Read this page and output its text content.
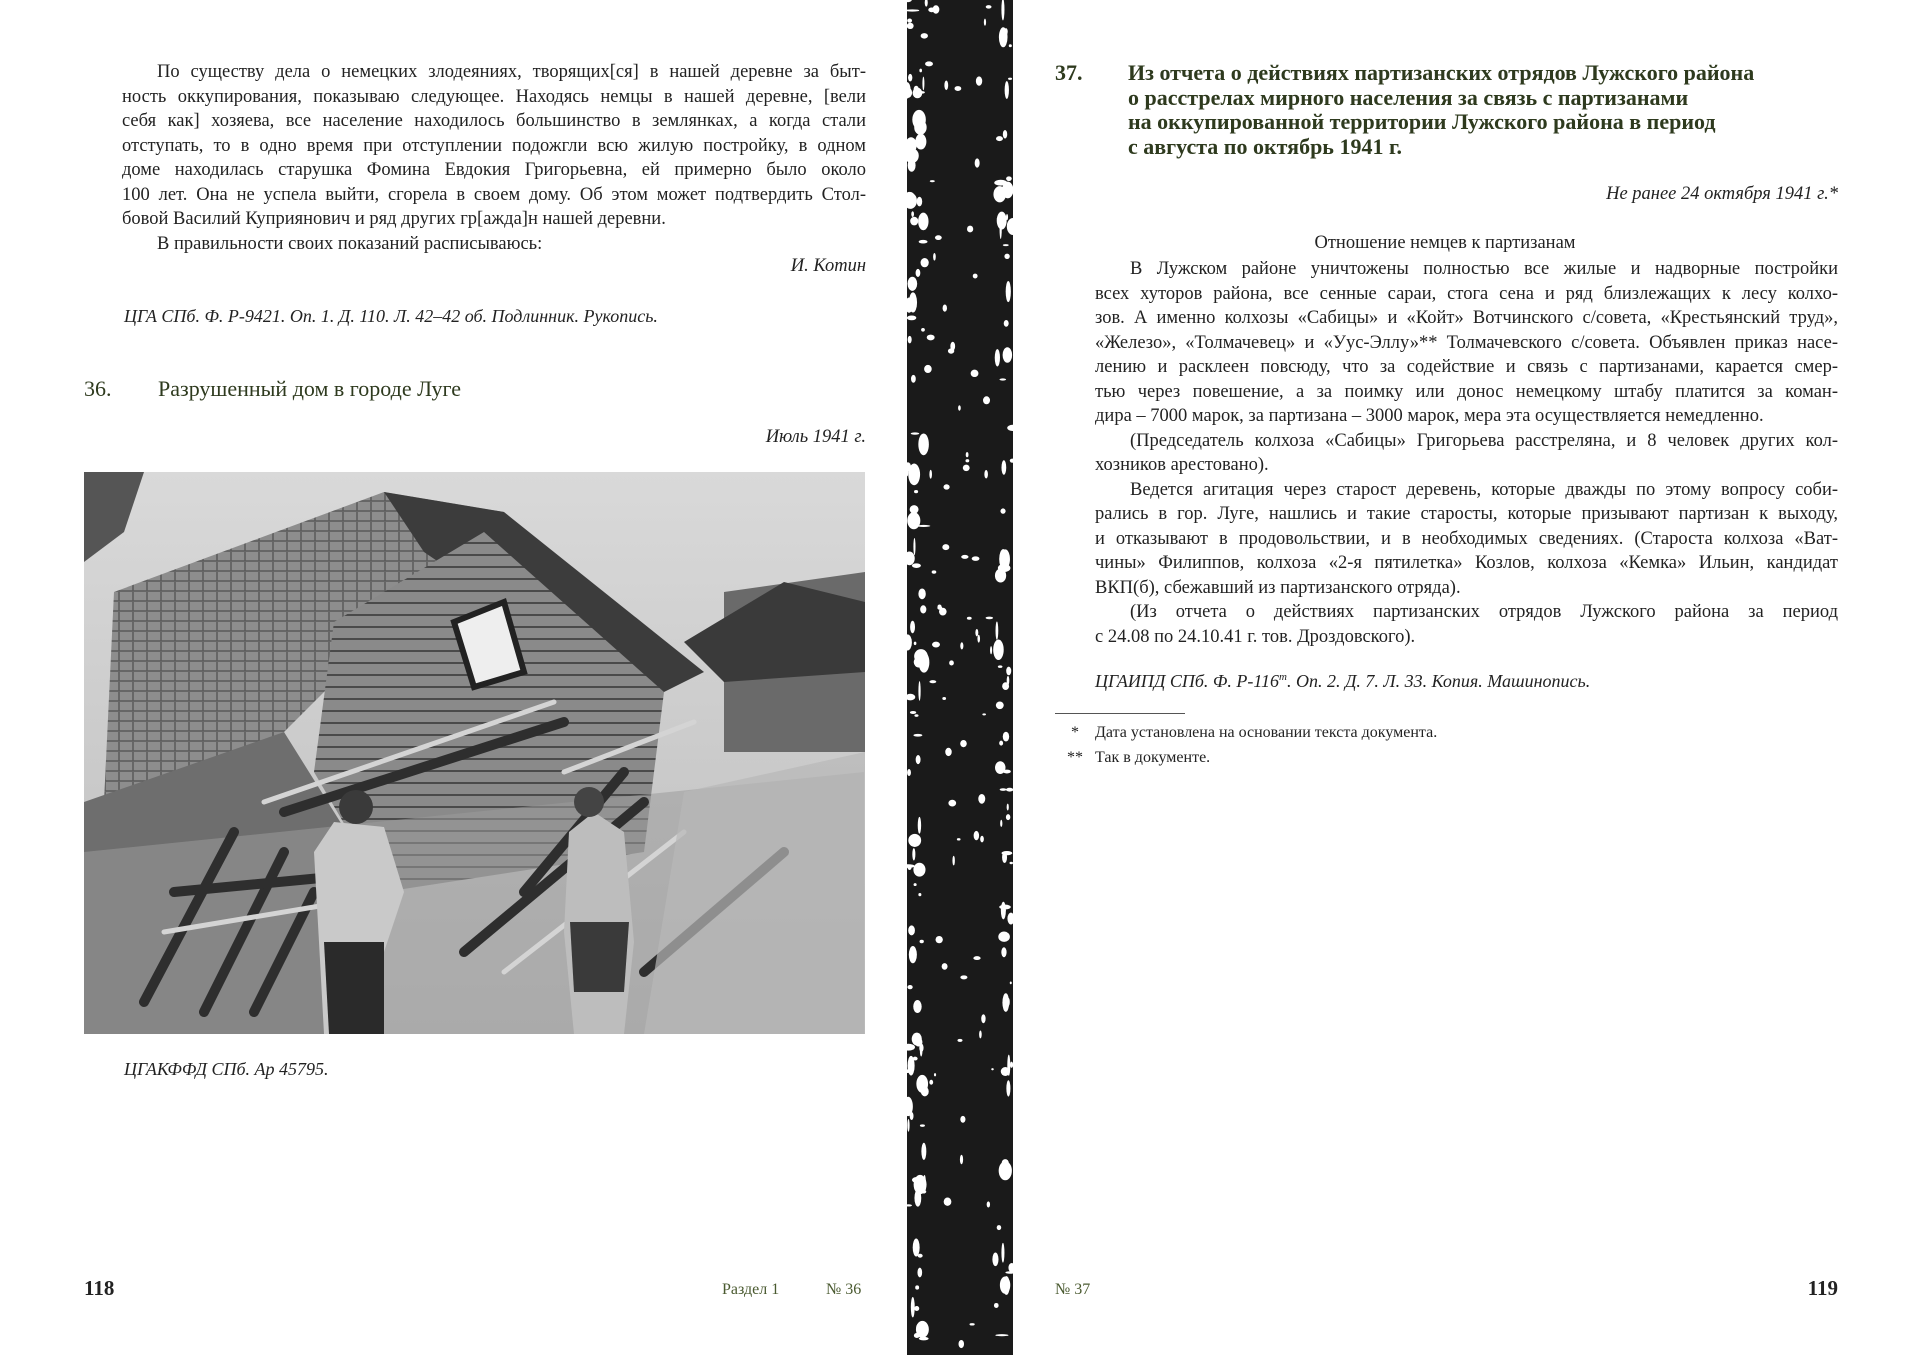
По существу дела о немецких злодеяниях, творящих[ся] в нашей деревне за быт-
ность оккупирования, показываю следующее. Находясь немцы в нашей деревне, [вели
себя как] хозяева, все население находилось большинство в землянках, а когда стали
отступать, то в одно время при отступлении подожгли всю жилую постройку, в одном
доме находилась старушка Фомина Евдокия Григорьевна, ей примерно было около
100 лет. Она не успела выйти, сгорела в своем дому. Об этом может подтвердить Стол-
бовой Василий Куприянович и ряд других гр[ажда]н нашей деревни.
В правильности своих показаний расписываюсь:
И. Котин
ЦГА СПб. Ф. Р-9421. Оп. 1. Д. 110. Л. 42–42 об. Подлинник. Рукопись.
36. Разрушенный дом в городе Луге
Июль 1941 г.
ЦГАКФФД СПб. Ар 45795.
118	Раздел 1	№ 36
37. Из отчета о действиях партизанских отрядов Лужского района
о расстрелах мирного населения за связь с партизанами
на оккупированной территории Лужского района в период
с августа по октябрь 1941 г.
Не ранее 24 октября 1941 г.*
Отношение немцев к партизанам
В Лужском районе уничтожены полностью все жилые и надворные постройки
всех хуторов района, все сенные сараи, стога сена и ряд близлежащих к лесу колхо-
зов. А именно колхозы «Сабицы» и «Койт» Вотчинского с/совета, «Крестьянский труд»,
«Железо», «Толмачевец» и «Уус-Эллу»** Толмачевского с/совета. Объявлен приказ насе-
лению и расклеен повсюду, что за содействие и связь с партизанами, карается смер-
тью через повешение, а за поимку или донос немецкому штабу платится за коман-
дира – 7000 марок, за партизана – 3000 марок, мера эта осуществляется немедленно.
(Председатель колхоза «Сабицы» Григорьева расстреляна, и 8 человек других кол-
хозников арестовано).
Ведется агитация через старост деревень, которые дважды по этому вопросу соби-
рались в гор. Луге, нашлись и такие старосты, которые призывают партизан к выходу,
и отказывают в продовольствии, и в необходимых сведениях. (Староста колхоза «Ват-
чины» Филиппов, колхоза «2-я пятилетка» Козлов, колхоза «Кемка» Ильин, кандидат
ВКП(б), сбежавший из партизанского отряда).
(Из отчета о действиях партизанских отрядов Лужского района за период
с 24.08 по 24.10.41 г. тов. Дроздовского).
ЦГАИПД СПб. Ф. $Р-116^т$. Оп. 2. Д. 7. Л. 33. Копия. Машинопись.
* Дата установлена на основании текста документа.
** Так в документе.
№ 37	119
